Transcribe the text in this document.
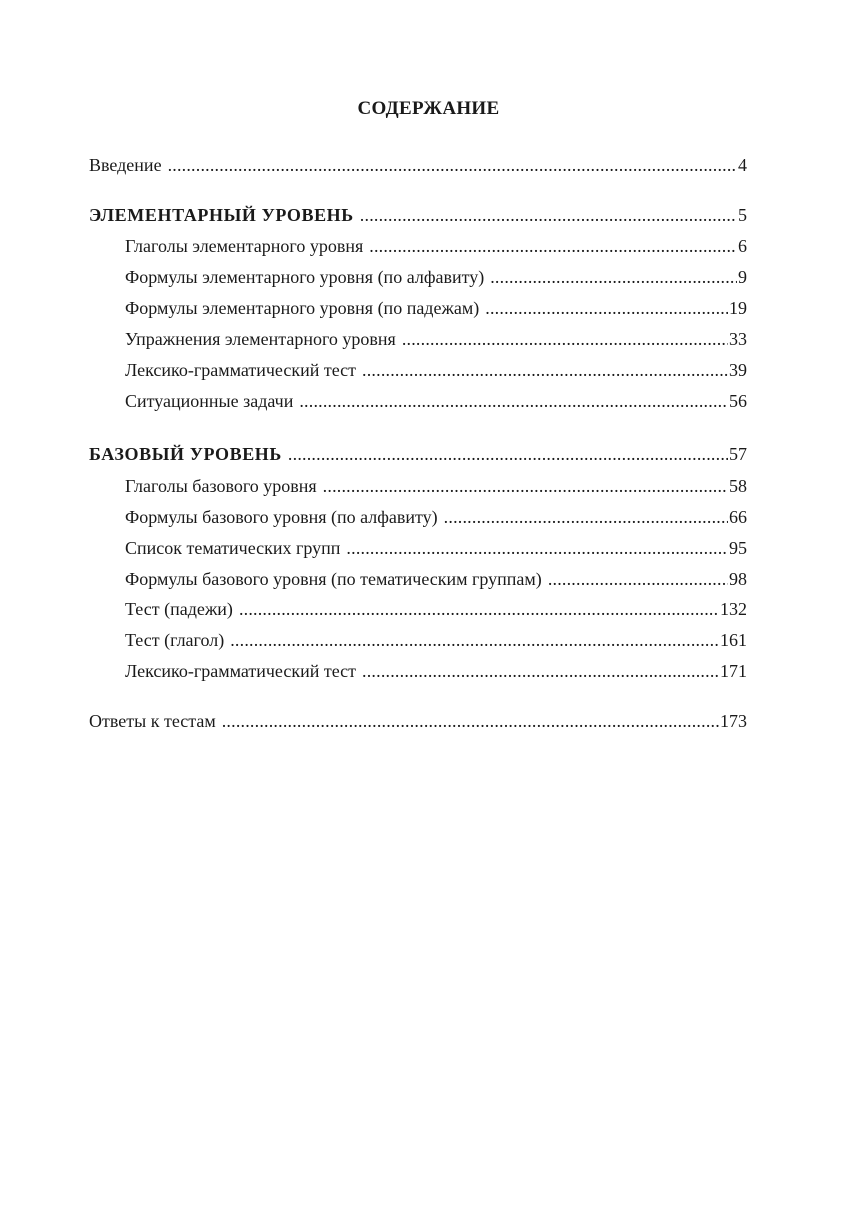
СОДЕРЖАНИЕ
Введение .....	4
ЭЛЕМЕНТАРНЫЙ УРОВЕНЬ .....	5
Глаголы элементарного уровня .....	6
Формулы элементарного уровня (по алфавиту) .....	9
Формулы элементарного уровня (по падежам) .....	19
Упражнения элементарного уровня .....	33
Лексико-грамматический тест .....	39
Ситуационные задачи .....	56
БАЗОВЫЙ УРОВЕНЬ .....	57
Глаголы базового уровня .....	58
Формулы базового уровня (по алфавиту) .....	66
Список тематических групп .....	95
Формулы базового уровня (по тематическим группам) .....	98
Тест (падежи) .....	132
Тест (глагол) .....	161
Лексико-грамматический тест .....	171
Ответы к тестам .....	173
